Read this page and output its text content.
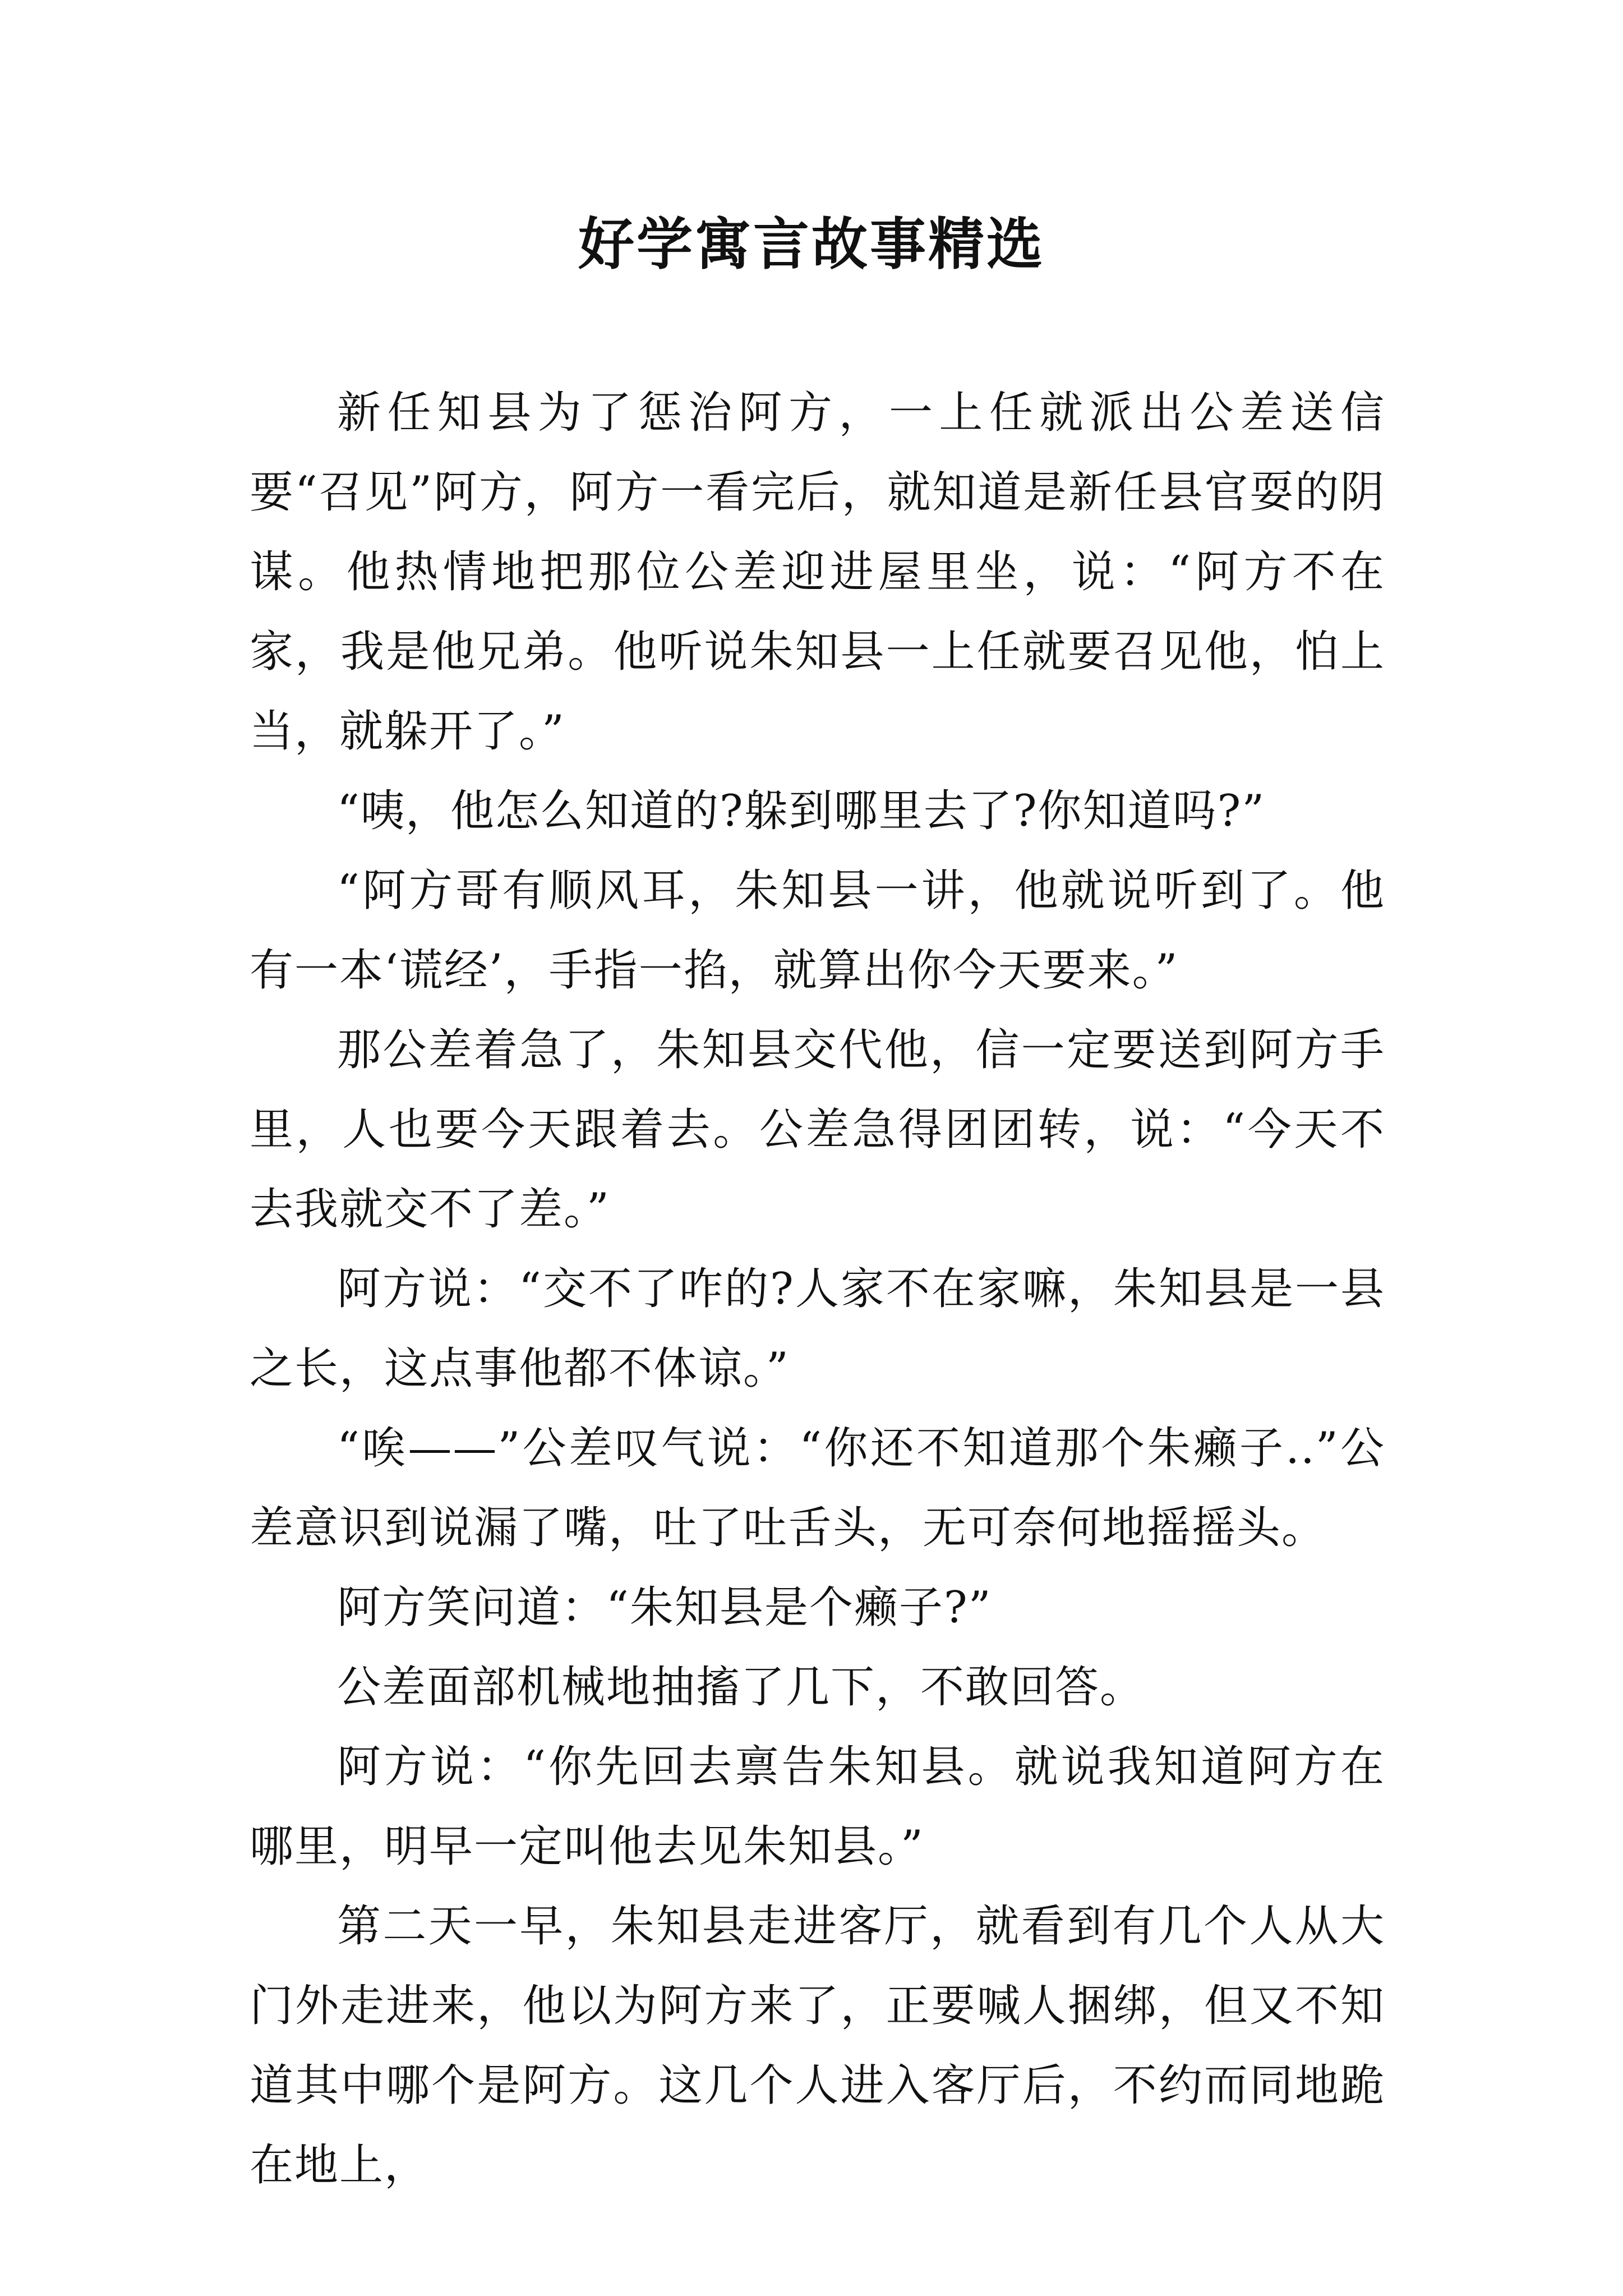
好学寓言故事精选

新任知县为了惩治阿方，一上任就派出公差送信要“召见”阿方，阿方一看完后，就知道是新任县官耍的阴谋。他热情地把那位公差迎进屋里坐，说：“阿方不在家，我是他兄弟。他听说朱知县一上任就要召见他，怕上当，就躲开了。”

“咦，他怎么知道的?躲到哪里去了?你知道吗?”

“阿方哥有顺风耳，朱知县一讲，他就说听到了。他有一本‘谎经’，手指一掐，就算出你今天要来。”

那公差着急了，朱知县交代他，信一定要送到阿方手里，人也要今天跟着去。公差急得团团转，说：“今天不去我就交不了差。”

阿方说：“交不了咋的?人家不在家嘛，朱知县是一县之长，这点事他都不体谅。”

“唉——”公差叹气说：“你还不知道那个朱癞子..”公差意识到说漏了嘴，吐了吐舌头，无可奈何地摇摇头。

阿方笑问道：“朱知县是个癞子?”

公差面部机械地抽搐了几下，不敢回答。

阿方说：“你先回去禀告朱知县。就说我知道阿方在哪里，明早一定叫他去见朱知县。”

第二天一早，朱知县走进客厅，就看到有几个人从大门外走进来，他以为阿方来了，正要喊人捆绑，但又不知道其中哪个是阿方。这几个人进入客厅后，不约而同地跪在地上，
